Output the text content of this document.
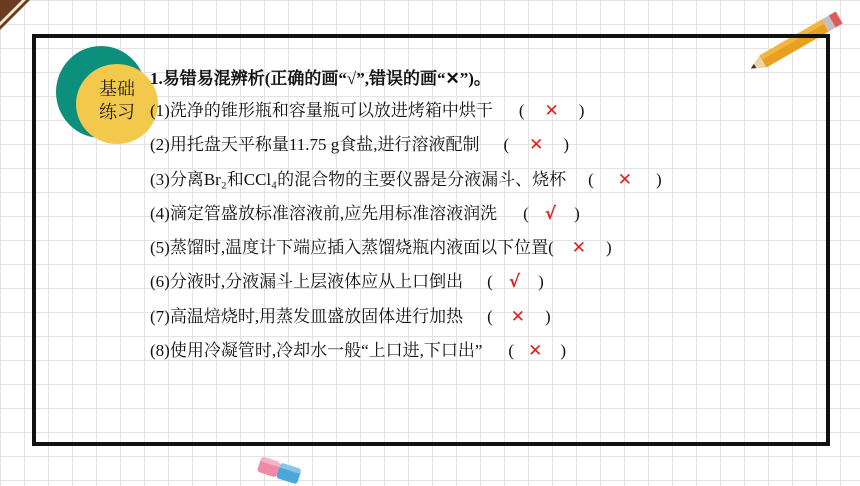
基础
练习
1.易错易混辨析(正确的画“√”,错误的画“✕”)。
(1)洗净的锥形瓶和容量瓶可以放进烤箱中烘干 ( ✕ )
(2)用托盘天平称量11.75 g食盐,进行溶液配制 ( ✕ )
(3)分离Br₂和CCl₄的混合物的主要仪器是分液漏斗、烧杯 ( ✕ )
(4)滴定管盛放标准溶液前,应先用标准溶液润洗 ( √ )
(5)蒸馏时,温度计下端应插入蒸馏烧瓶内液面以下位置( ✕ )
(6)分液时,分液漏斗上层液体应从上口倒出 ( √ )
(7)高温焙烧时,用蒸发皿盛放固体进行加热 ( ✕ )
(8)使用冷凝管时,冷却水一般“上口进,下口出” ( ✕ )
